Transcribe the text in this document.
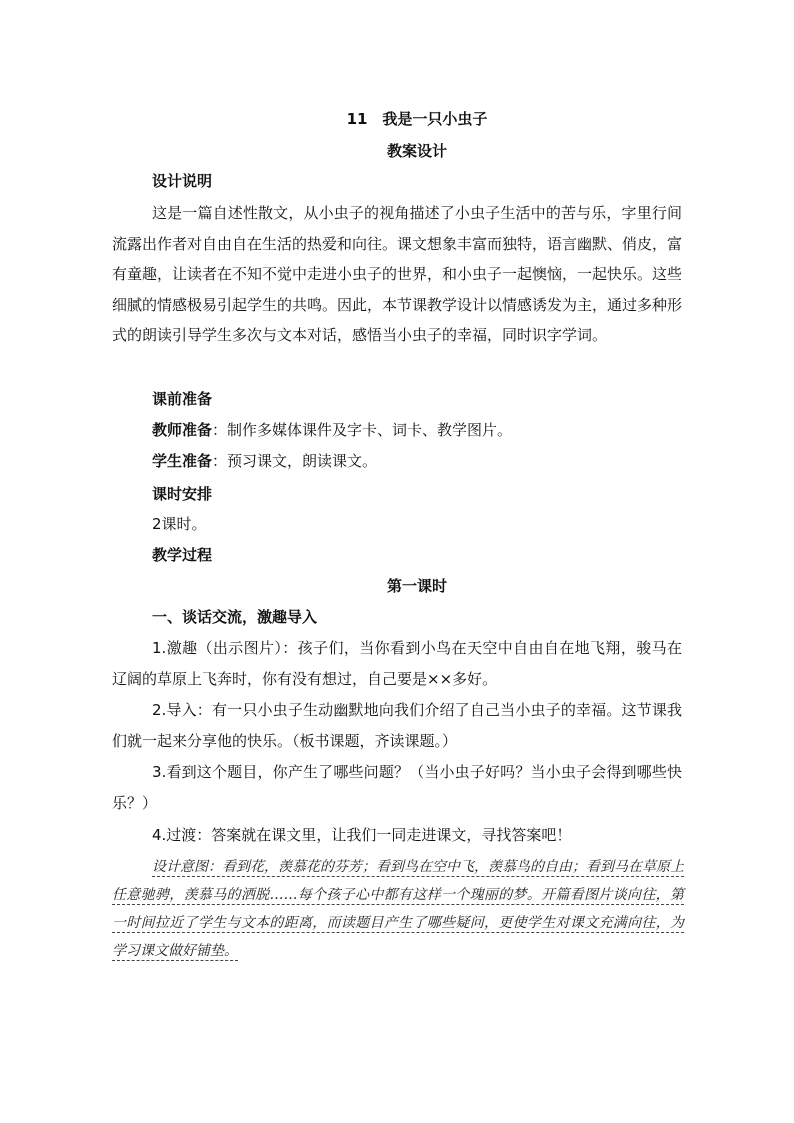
11　我是一只小虫子
教案设计
设计说明
这是一篇自述性散文，从小虫子的视角描述了小虫子生活中的苦与乐，字里行间流露出作者对自由自在生活的热爱和向往。课文想象丰富而独特，语言幽默、俏皮，富有童趣，让读者在不知不觉中走进小虫子的世界，和小虫子一起懊恼，一起快乐。这些细腻的情感极易引起学生的共鸣。因此，本节课教学设计以情感诱发为主，通过多种形式的朗读引导学生多次与文本对话，感悟当小虫子的幸福，同时识字学词。
课前准备
教师准备：制作多媒体课件及字卡、词卡、教学图片。
学生准备：预习课文，朗读课文。
课时安排
2课时。
教学过程
第一课时
一、谈话交流，激趣导入
1.激趣（出示图片）：孩子们，当你看到小鸟在天空中自由自在地飞翔，骏马在辽阔的草原上飞奔时，你有没有想过，自己要是××多好。
2.导入：有一只小虫子生动幽默地向我们介绍了自己当小虫子的幸福。这节课我们就一起来分享他的快乐。（板书课题，齐读课题。）
3.看到这个题目，你产生了哪些问题？（当小虫子好吗？当小虫子会得到哪些快乐？）
4.过渡：答案就在课文里，让我们一同走进课文，寻找答案吧！
设计意图：看到花，羡慕花的芬芳；看到鸟在空中飞，羡慕鸟的自由；看到马在草原上任意驰骋，羡慕马的洒脱……每个孩子心中都有这样一个瑰丽的梦。开篇看图片谈向往，第一时间拉近了学生与文本的距离，而读题目产生了哪些疑问，更使学生对课文充满向往，为学习课文做好铺垫。
